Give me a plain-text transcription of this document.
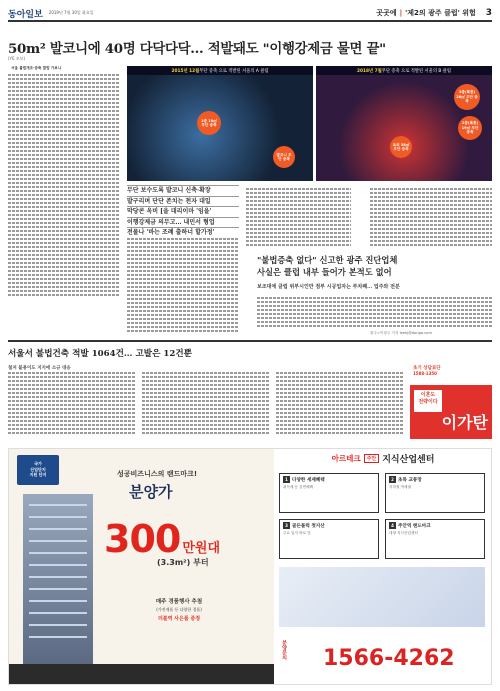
동아일보 2019년 7월 30일 화요일	곳곳에 | '제2의 광주 클럽' 위험 3
50m² 발코니에 40명 다닥다닥… 적발돼도 "이행강제금 물면 끝"
(YE 꼬보)

서울 불법개조·증축 클럽 가보니

2015년 12월 무단 증축 으로 적발된 서울의 A 클럽
2층 10㎡ 무단 증축
발코니 무단 증축
2018년 7월 무단 증축 으로 적발된 서울의 B 클럽
3층(복층) 26㎡ 무단 증축
2층(복층) 19㎡ 무단 증축
옥외 38㎡ 무단 증축
무단 보수도록 발코니 신축·확장
발구리며 단단 존치는 천자 대일
막당콘 옥비 [을 대리이마 '임을'
이행강제금 의무고… 내민서 형업
전물나 '바는 조례 출하너 할가정'
"불법증축 없다" 신고한 광주 진단업체
사실은 클럽 내부 들어가 본적도 없어
보조대에 클럽 위부시인만 점부 시공업자는 부차째… 업주와 전분
광주=이형주 기자 leehj@donga.com
서울서 불법건축 적발 1064건… 고발은 12건뿐
철저 불용이도 지지에 소규 대응	초기 상담료단
1588-1350
이혼도
전략이다
이가탄
국가
산업단지
지원 단지	성공비즈니스의 랜드마크!
분양가
300 만원대
(3.3m²) 부터
매주 경품행사 추첨
(가전제품 등 다양한 경품)
더블역 사은품 증정
아르테크	주안 지식산업센터
1 다양한 세제혜택
취득세 등 감면혜택
2 초특 교통망
지하철 역세권
3 골든블럭 첫지산
주요 입지 바로 앞
4 주안역 랜드마크
대형 지식산업센터
분양문의 1566-4262
